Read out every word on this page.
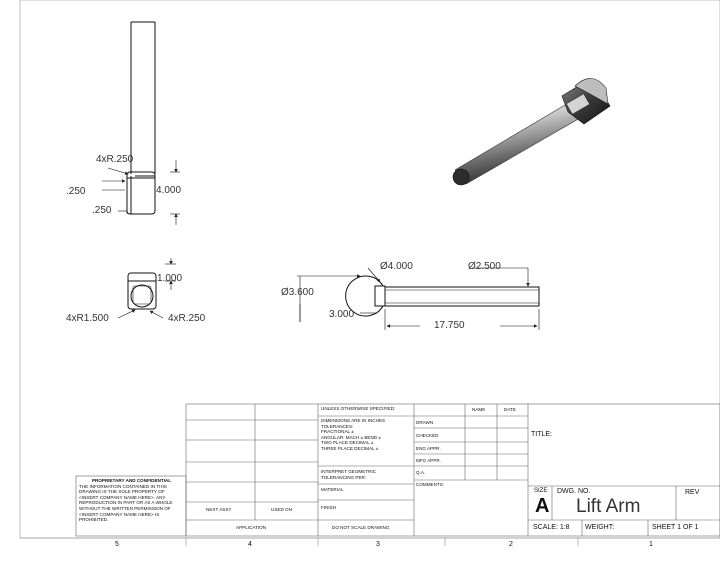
4xR.250
4.000
.250
.250
1.000
4xR1.500	4xR.250
Ø3.600
Ø4.000	Ø2.500
3.000
17.750
UNLESS OTHERWISE SPECIFIED:
DIMENSIONS ARE IN INCHES
TOLERANCES:
FRACTIONAL ±
ANGULAR: MACH ± BEND ±
TWO PLACE DECIMAL ±
THREE PLACE DECIMAL ±
INTERPRET GEOMETRIC
TOLERANCING PER:
MATERIAL
FINISH
DO NOT SCALE DRAWING
NEXT ASSY	USED ON
APPLICATION
NAME	DATE
DRAWN
CHECKED
ENG APPR.
MFG APPR.
Q.A.
COMMENTS:
TITLE:
SIZE
A
DWG. NO.
Lift Arm
REV
SCALE: 1:8 WEIGHT:	SHEET 1 OF 1
PROPRIETARY AND CONFIDENTIAL
THE INFORMATION CONTAINED IN THIS
DRAWING IS THE SOLE PROPERTY OF
<INSERT COMPANY NAME HERE>. ANY
REPRODUCTION IN PART OR AS A WHOLE
WITHOUT THE WRITTEN PERMISSION OF
<INSERT COMPANY NAME HERE> IS
PROHIBITED.
5	4	3	2	1
